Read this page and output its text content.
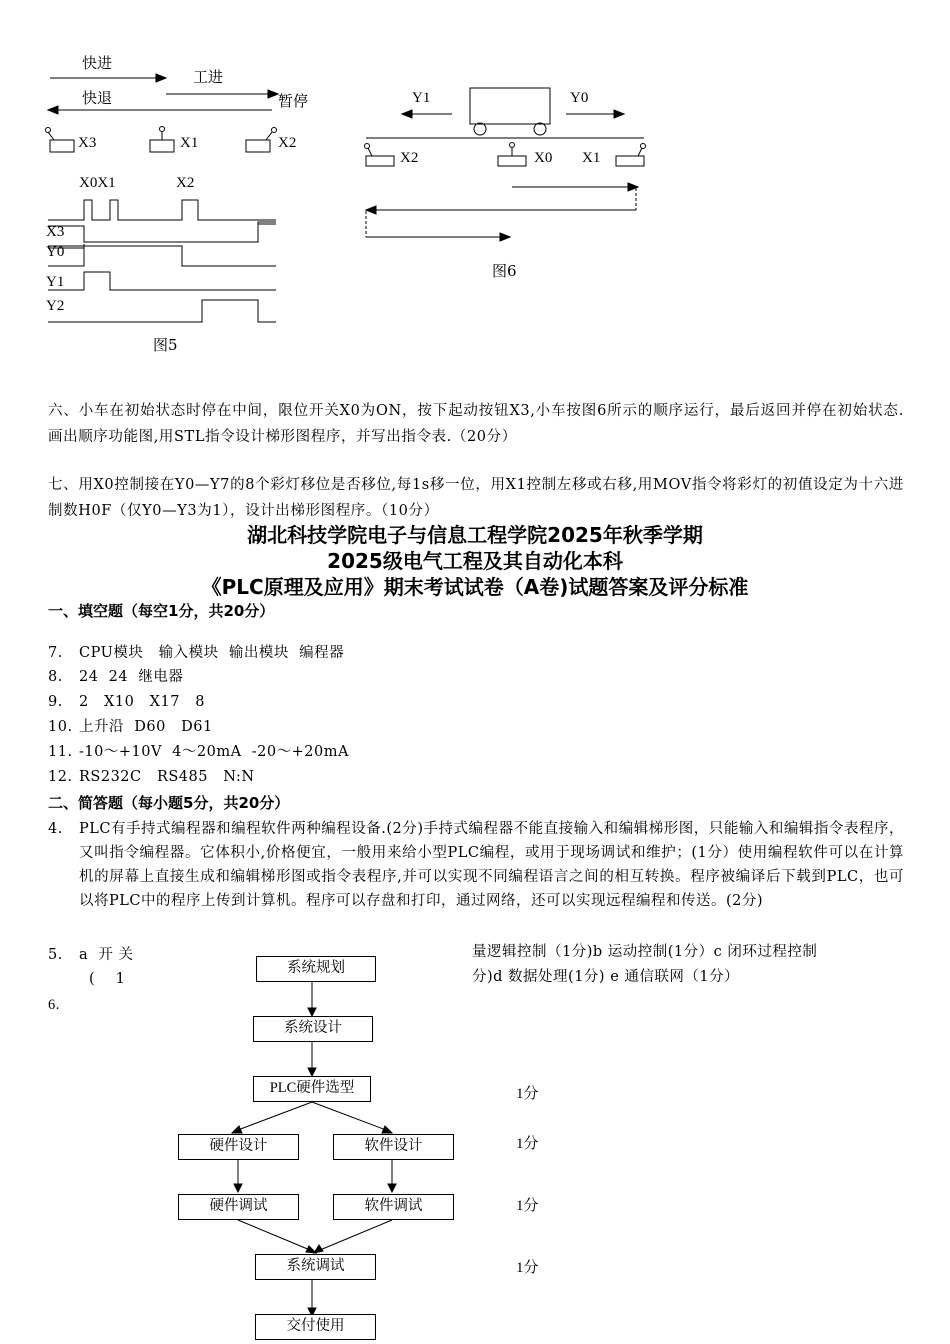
快进
工进
快退	暂停
X3	X1	X2
X0X1	X2
X3
Y0
Y1
Y2
图5
Y1	Y0
X2	X0 X1
图6
六、小车在初始状态时停在中间，限位开关X0为ON，按下起动按钮X3,小车按图6所示的顺序运行，最后返回并停在初始状态.画出顺序功能图,用STL指令设计梯形图程序，并写出指令表.（20分）
七、用X0控制接在Y0—Y7的8个彩灯移位是否移位,每1s移一位，用X1控制左移或右移,用MOV指令将彩灯的初值设定为十六进制数H0F（仅Y0—Y3为1），设计出梯形图程序。（10分）
湖北科技学院电子与信息工程学院2025年秋季学期
2025级电气工程及其自动化本科
《PLC原理及应用》期末考试试卷（A卷)试题答案及评分标准
一、填空题（每空1分，共20分）
7. CPU模块   输入模块  输出模块  编程器
8. 24  24  继电器
9. 2   X10   X17   8
10. 上升沿  D60   D61
11. -10～+10V  4～20mA  -20～+20mA
12. RS232C   RS485   N:N
二、简答题（每小题5分，共20分）
4. PLC有手持式编程器和编程软件两种编程设备.(2分)手持式编程器不能直接输入和编辑梯形图，只能输入和编辑指令表程序，又叫指令编程器。它体积小,价格便宜，一般用来给小型PLC编程，或用于现场调试和维护；(1分）使用编程软件可以在计算机的屏幕上直接生成和编辑梯形图或指令表程序,并可以实现不同编程语言之间的相互转换。程序被编译后下载到PLC，也可以将PLC中的程序上传到计算机。程序可以存盘和打印，通过网络，还可以实现远程编程和传送。(2分)
5. a  开 关
(    1
量逻辑控制（1分)b 运动控制(1分）c 闭环过程控制
分)d 数据处理(1分) e 通信联网（1分）
6.
系统规划
系统设计
PLC硬件选型
硬件设计	软件设计
硬件调试	软件调试
系统调试
交付使用
1分
1分
1分
1分
